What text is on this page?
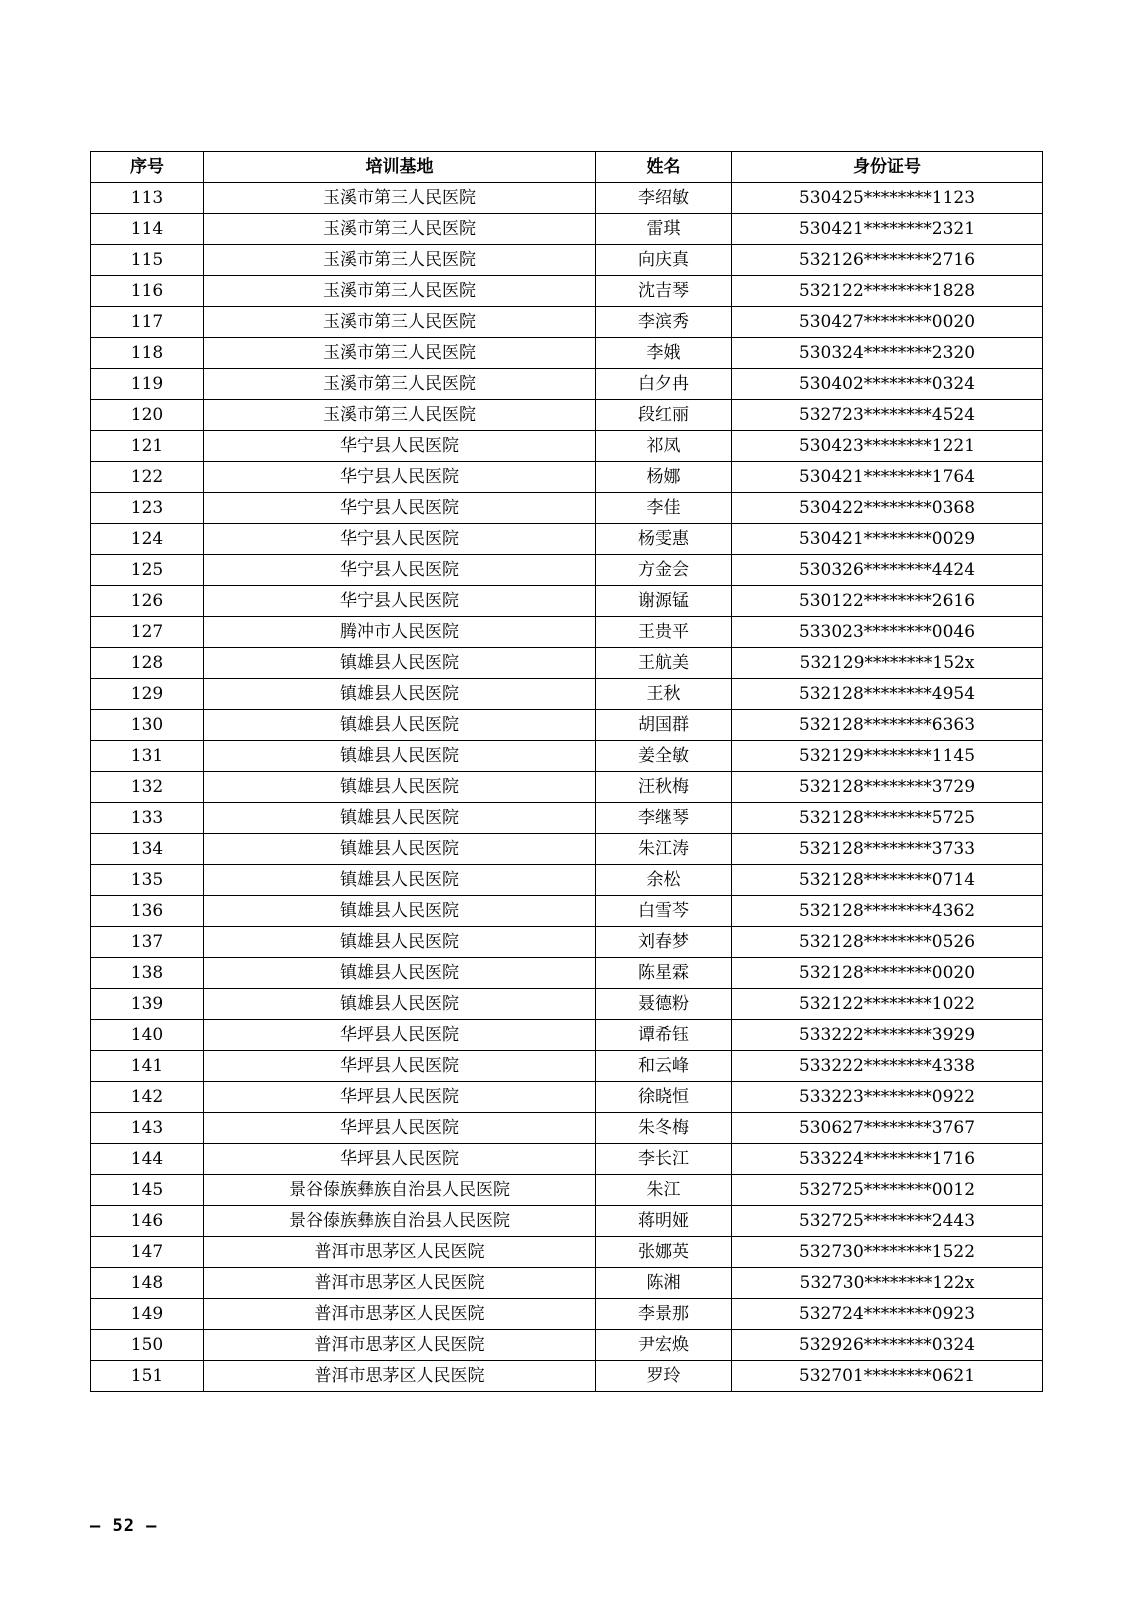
序号	培训基地	姓名	身份证号
113	玉溪市第三人民医院	李绍敏	530425********1123
114	玉溪市第三人民医院	雷琪	530421********2321
115	玉溪市第三人民医院	向庆真	532126********2716
116	玉溪市第三人民医院	沈吉琴	532122********1828
117	玉溪市第三人民医院	李滨秀	530427********0020
118	玉溪市第三人民医院	李娥	530324********2320
119	玉溪市第三人民医院	白夕冉	530402********0324
120	玉溪市第三人民医院	段红丽	532723********4524
121	华宁县人民医院	祁凤	530423********1221
122	华宁县人民医院	杨娜	530421********1764
123	华宁县人民医院	李佳	530422********0368
124	华宁县人民医院	杨雯惠	530421********0029
125	华宁县人民医院	方金会	530326********4424
126	华宁县人民医院	谢源锰	530122********2616
127	腾冲市人民医院	王贵平	533023********0046
128	镇雄县人民医院	王航美	532129********152x
129	镇雄县人民医院	王秋	532128********4954
130	镇雄县人民医院	胡国群	532128********6363
131	镇雄县人民医院	姜全敏	532129********1145
132	镇雄县人民医院	汪秋梅	532128********3729
133	镇雄县人民医院	李继琴	532128********5725
134	镇雄县人民医院	朱江涛	532128********3733
135	镇雄县人民医院	余松	532128********0714
136	镇雄县人民医院	白雪芩	532128********4362
137	镇雄县人民医院	刘春梦	532128********0526
138	镇雄县人民医院	陈星霖	532128********0020
139	镇雄县人民医院	聂德粉	532122********1022
140	华坪县人民医院	谭希钰	533222********3929
141	华坪县人民医院	和云峰	533222********4338
142	华坪县人民医院	徐晓恒	533223********0922
143	华坪县人民医院	朱冬梅	530627********3767
144	华坪县人民医院	李长江	533224********1716
145	景谷傣族彝族自治县人民医院	朱江	532725********0012
146	景谷傣族彝族自治县人民医院	蒋明娅	532725********2443
147	普洱市思茅区人民医院	张娜英	532730********1522
148	普洱市思茅区人民医院	陈湘	532730********122x
149	普洱市思茅区人民医院	李景那	532724********0923
150	普洱市思茅区人民医院	尹宏焕	532926********0324
151	普洱市思茅区人民医院	罗玲	532701********0621
– 52 –
